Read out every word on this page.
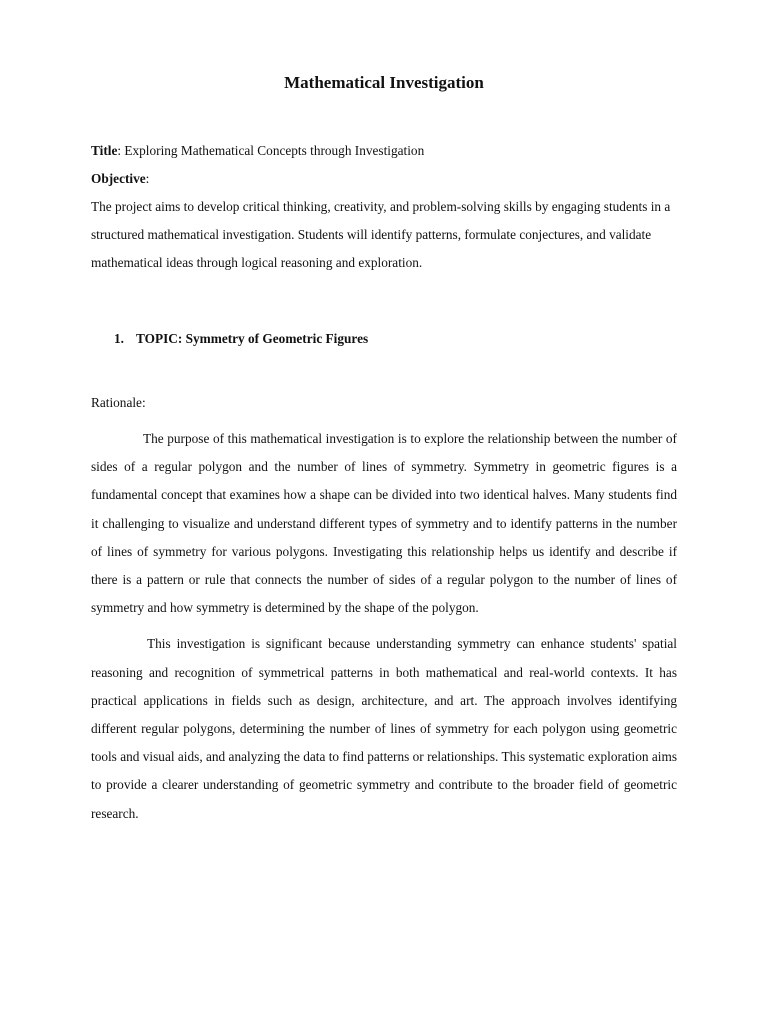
Mathematical Investigation
Title: Exploring Mathematical Concepts through Investigation
Objective:
The project aims to develop critical thinking, creativity, and problem-solving skills by engaging students in a structured mathematical investigation. Students will identify patterns, formulate conjectures, and validate mathematical ideas through logical reasoning and exploration.
1. TOPIC: Symmetry of Geometric Figures
Rationale:
The purpose of this mathematical investigation is to explore the relationship between the number of sides of a regular polygon and the number of lines of symmetry. Symmetry in geometric figures is a fundamental concept that examines how a shape can be divided into two identical halves. Many students find it challenging to visualize and understand different types of symmetry and to identify patterns in the number of lines of symmetry for various polygons. Investigating this relationship helps us identify and describe if there is a pattern or rule that connects the number of sides of a regular polygon to the number of lines of symmetry and how symmetry is determined by the shape of the polygon.
This investigation is significant because understanding symmetry can enhance students' spatial reasoning and recognition of symmetrical patterns in both mathematical and real-world contexts. It has practical applications in fields such as design, architecture, and art. The approach involves identifying different regular polygons, determining the number of lines of symmetry for each polygon using geometric tools and visual aids, and analyzing the data to find patterns or relationships. This systematic exploration aims to provide a clearer understanding of geometric symmetry and contribute to the broader field of geometric research.
